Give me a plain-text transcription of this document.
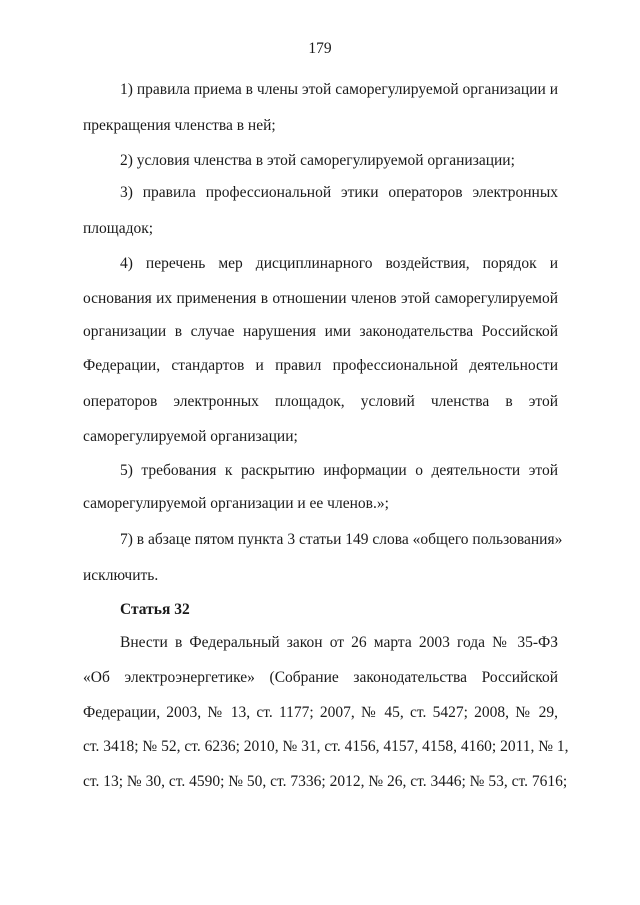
179
1) правила приема в члены этой саморегулируемой организации и
прекращения членства в ней;
2) условия членства в этой саморегулируемой организации;
3) правила профессиональной этики операторов электронных
площадок;
4) перечень мер дисциплинарного воздействия, порядок и
основания их применения в отношении членов этой саморегулируемой
организации в случае нарушения ими законодательства Российской
Федерации, стандартов и правил профессиональной деятельности
операторов электронных площадок, условий членства в этой
саморегулируемой организации;
5) требования к раскрытию информации о деятельности этой
саморегулируемой организации и ее членов.»;
7) в абзаце пятом пункта 3 статьи 149 слова «общего пользования»
исключить.
Статья 32
Внести в Федеральный закон от 26 марта 2003 года № 35-ФЗ
«Об электроэнергетике» (Собрание законодательства Российской
Федерации, 2003, № 13, ст. 1177; 2007, № 45, ст. 5427; 2008, № 29,
ст. 3418; № 52, ст. 6236; 2010, № 31, ст. 4156, 4157, 4158, 4160; 2011, № 1,
ст. 13; № 30, ст. 4590; № 50, ст. 7336; 2012, № 26, ст. 3446; № 53, ст. 7616;
